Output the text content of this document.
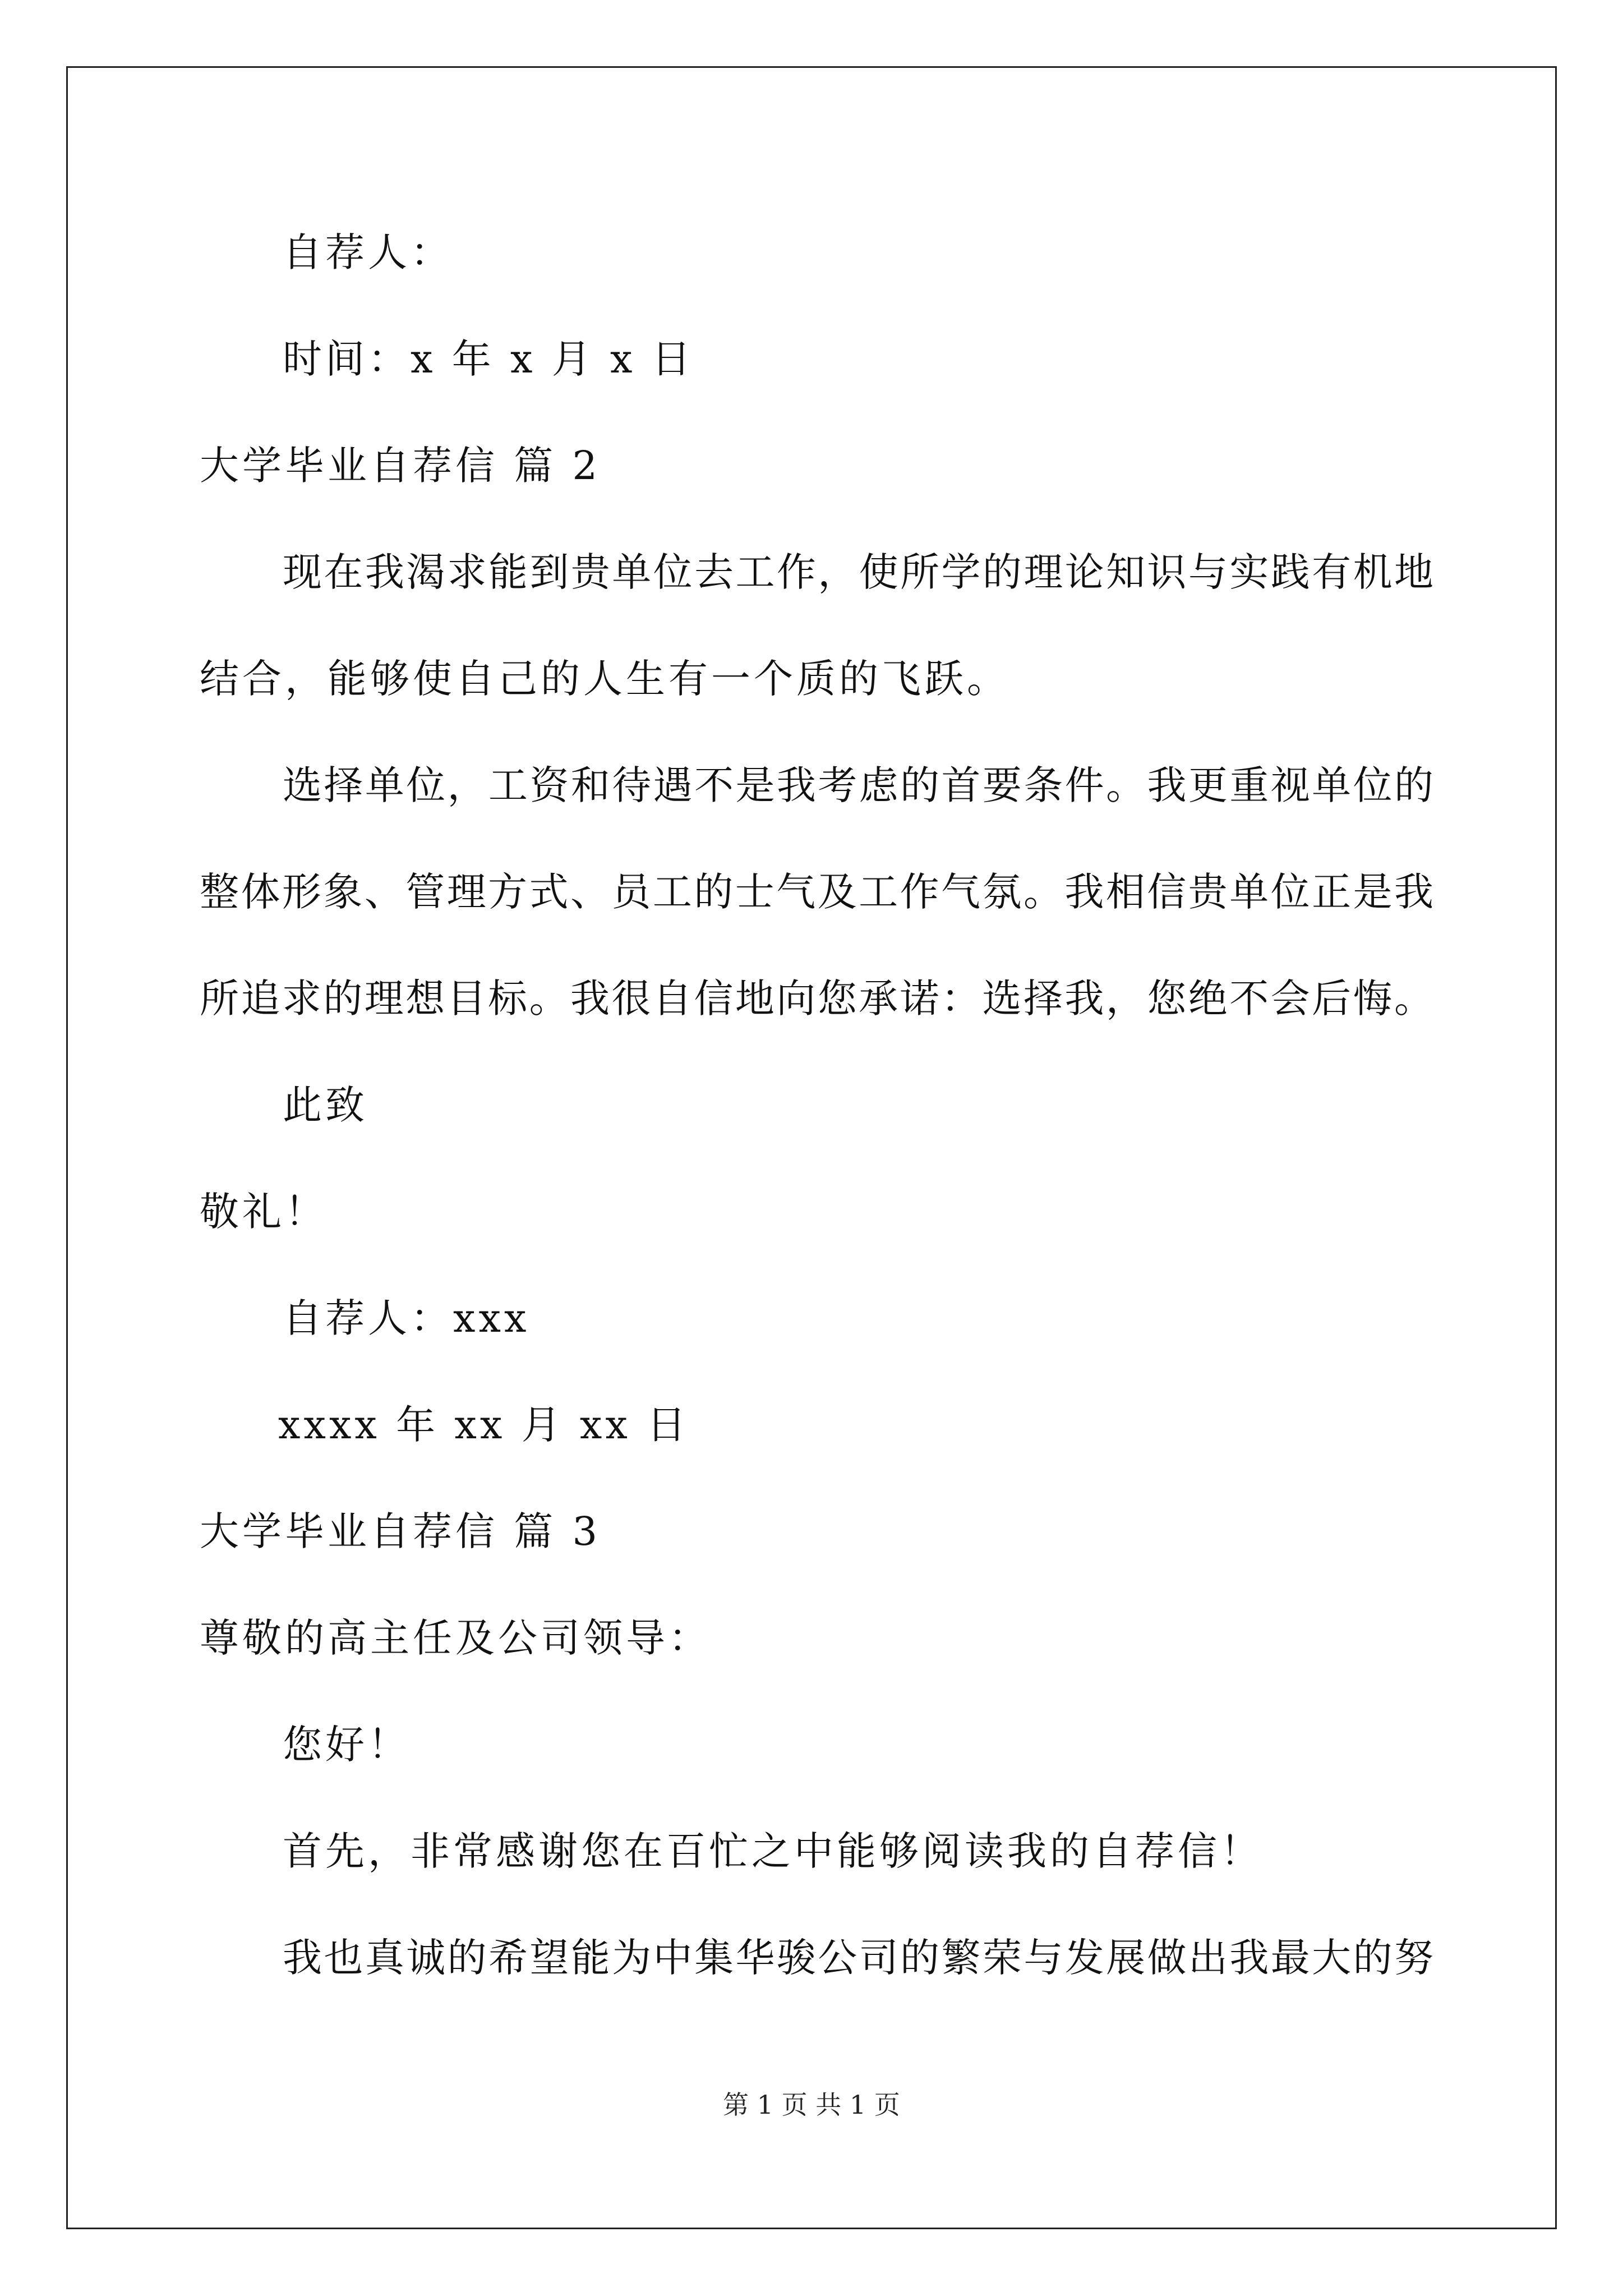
自荐人：
时间：x 年 x 月 x 日
大学毕业自荐信 篇 2
现在我渴求能到贵单位去工作，使所学的理论知识与实践有机地
结合，能够使自己的人生有一个质的飞跃。
选择单位，工资和待遇不是我考虑的首要条件。我更重视单位的
整体形象、管理方式、员工的士气及工作气氛。我相信贵单位正是我
所追求的理想目标。我很自信地向您承诺：选择我，您绝不会后悔。
此致
敬礼！
自荐人：xxx
xxxx 年 xx 月 xx 日
大学毕业自荐信 篇 3
尊敬的高主任及公司领导：
您好！
首先，非常感谢您在百忙之中能够阅读我的自荐信！
我也真诚的希望能为中集华骏公司的繁荣与发展做出我最大的努
第 1 页 共 1 页
